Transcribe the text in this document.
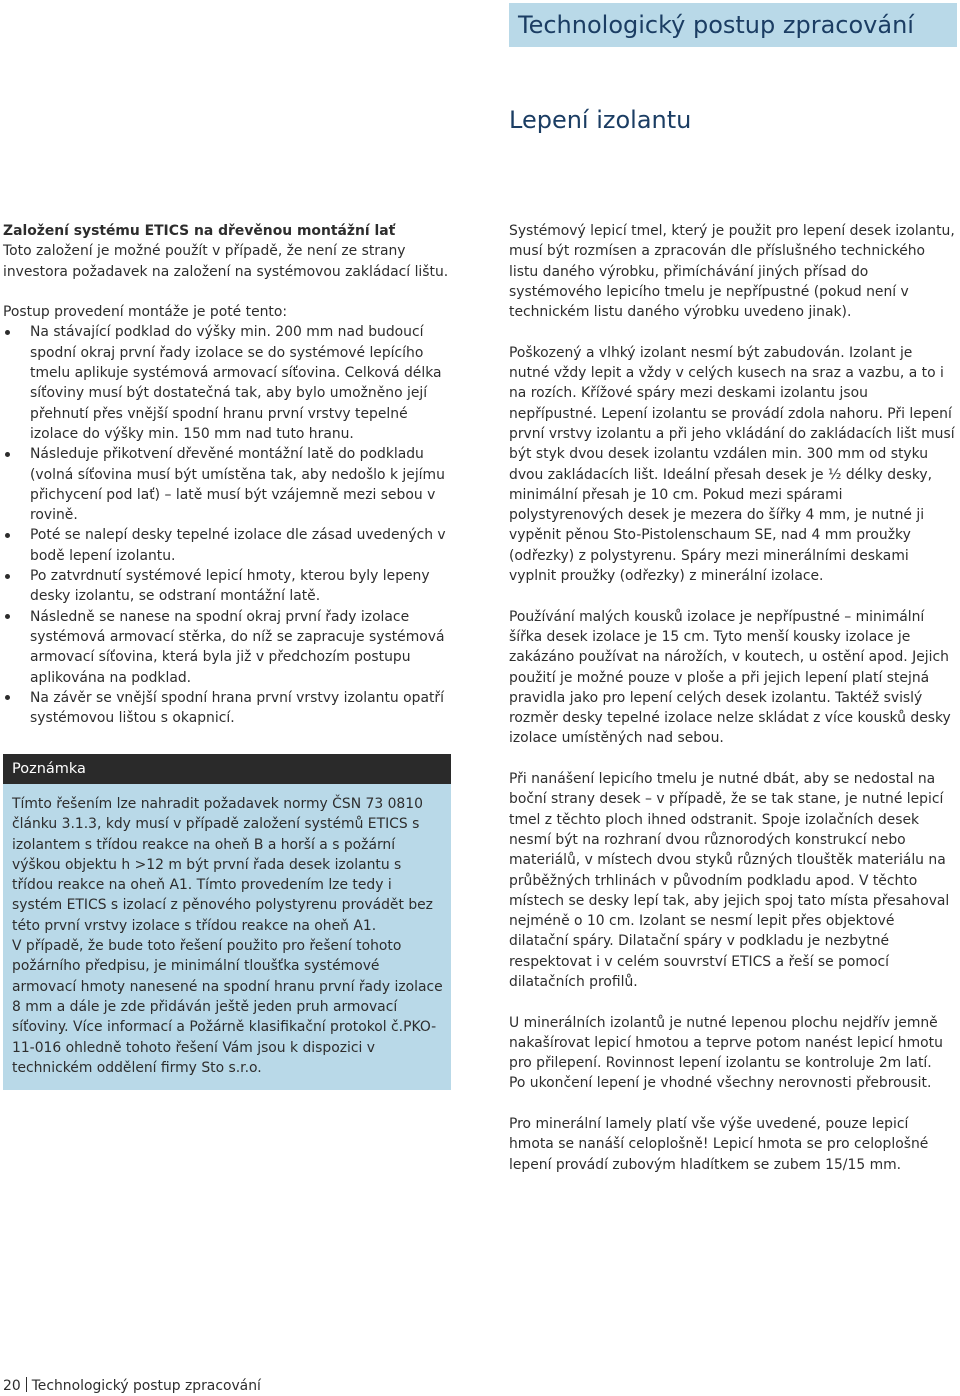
Technologický postup zpracování
Lepení izolantu

Založení systému ETICS na dřevěnou montážní lať

Toto založení je možné použít v případě, že není ze strany investora požadavek na založení na systémovou zakládací lištu.

Postup provedení montáže je poté tento:

Na stávající podklad do výšky min. 200 mm nad budoucí spodní okraj první řady izolace se do systémové lepícího tmelu aplikuje systémová armovací síťovina. Celková délka síťoviny musí být dostatečná tak, aby bylo umožněno její přehnutí přes vnější spodní hranu první vrstvy tepelné izolace do výšky min. 150 mm nad tuto hranu.
Následuje přikotvení dřevěné montážní latě do podkladu (volná síťovina musí být umístěna tak, aby nedošlo k jejímu přichycení pod lať) – latě musí být vzájemně mezi sebou v rovině.
Poté se nalepí desky tepelné izolace dle zásad uvedených v bodě lepení izolantu.
Po zatvrdnutí systémové lepicí hmoty, kterou byly lepeny desky izolantu, se odstraní montážní latě.
Následně se nanese na spodní okraj první řady izolace systémová armovací stěrka, do níž se zapracuje systémová armovací síťovina, která byla již v předchozím postupu aplikována na podklad.
Na závěr se vnější spodní hrana první vrstvy izolantu opatří systémovou lištou s okapnicí.
Poznámka

Tímto řešením lze nahradit požadavek normy ČSN 73 0810 článku 3.1.3, kdy musí v případě založení systémů ETICS s izolantem s třídou reakce na oheň B a horší a s požární výškou objektu h >12 m být první řada desek izolantu s třídou reakce na oheň A1. Tímto provedením lze tedy i systém ETICS s izolací z pěnového polystyrenu provádět bez této první vrstvy izolace s třídou reakce na oheň A1.

V případě, že bude toto řešení použito pro řešení tohoto požárního předpisu, je minimální tloušťka systémové armovací hmoty nanesené na spodní hranu první řady izolace 8 mm a dále je zde přidáván ještě jeden pruh armovací síťoviny. Více informací a Požárně klasifikační protokol č.PKO-11-016 ohledně tohoto řešení Vám jsou k dispozici v technickém oddělení firmy Sto s.r.o.

Systémový lepicí tmel, který je použit pro lepení desek izolantu, musí být rozmísen a zpracován dle příslušného technického listu daného výrobku, přimíchávání jiných přísad do systémového lepicího tmelu je nepřípustné (pokud není v technickém listu daného výrobku uvedeno jinak).

Poškozený a vlhký izolant nesmí být zabudován. Izolant je nutné vždy lepit a vždy v celých kusech na sraz a vazbu, a to i na rozích. Křížové spáry mezi deskami izolantu jsou nepřípustné. Lepení izolantu se provádí zdola nahoru. Při lepení první vrstvy izolantu a při jeho vkládání do zakládacích lišt musí být styk dvou desek izolantu vzdálen min. 300 mm od styku dvou zakládacích lišt. Ideální přesah desek je ½ délky desky, minimální přesah je 10 cm. Pokud mezi spárami polystyrenových desek je mezera do šířky 4 mm, je nutné ji vypěnit pěnou Sto-Pistolenschaum SE, nad 4 mm proužky (odřezky) z polystyrenu. Spáry mezi minerálními deskami vyplnit proužky (odřezky) z minerální izolace.

Používání malých kousků izolace je nepřípustné – minimální šířka desek izolace je 15 cm. Tyto menší kousky izolace je zakázáno používat na nárožích, v koutech, u ostění apod. Jejich použití je možné pouze v ploše a při jejich lepení platí stejná pravidla jako pro lepení celých desek izolantu. Taktéž svislý rozměr desky tepelné izolace nelze skládat z více kousků desky izolace umístěných nad sebou.

Při nanášení lepicího tmelu je nutné dbát, aby se nedostal na boční strany desek – v případě, že se tak stane, je nutné lepicí tmel z těchto ploch ihned odstranit. Spoje izolačních desek nesmí být na rozhraní dvou různorodých konstrukcí nebo materiálů, v místech dvou styků různých tlouštěk materiálu na průběžných trhlinách v původním podkladu apod. V těchto místech se desky lepí tak, aby jejich spoj tato místa přesahoval nejméně o 10 cm. Izolant se nesmí lepit přes objektové dilatační spáry. Dilatační spáry v podkladu je nezbytné respektovat i v celém souvrství ETICS a řeší se pomocí dilatačních profilů.

U minerálních izolantů je nutné lepenou plochu nejdřív jemně nakašírovat lepicí hmotou a teprve potom nanést lepicí hmotu pro přilepení. Rovinnost lepení izolantu se kontroluje 2m latí.

Po ukončení lepení je vhodné všechny nerovnosti přebrousit.

Pro minerální lamely platí vše výše uvedené, pouze lepicí hmota se nanáší celoplošně! Lepicí hmota se pro celoplošné lepení provádí zubovým hladítkem se zubem 15/15 mm.

20 Technologický postup zpracování
